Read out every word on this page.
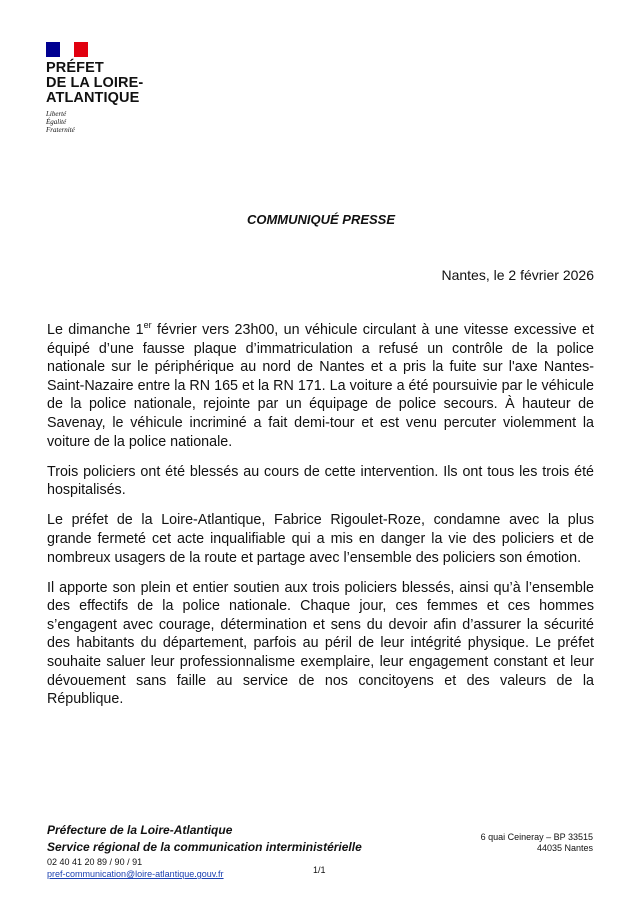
PRÉFET
DE LA LOIRE-
ATLANTIQUE
Liberté
Égalité
Fraternité
COMMUNIQUÉ PRESSE
Nantes, le 2 février 2026

Le dimanche 1er février vers 23h00, un véhicule circulant à une vitesse excessive et équipé d’une fausse plaque d’immatriculation a refusé un contrôle de la police nationale sur le périphérique au nord de Nantes et a pris la fuite sur l'axe Nantes-Saint-Nazaire entre la RN 165 et la RN 171. La voiture a été poursuivie par le véhicule de la police nationale, rejointe par un équipage de police secours. À hauteur de Savenay, le véhicule incriminé a fait demi-tour et est venu percuter violemment la voiture de la police nationale.

Trois policiers ont été blessés au cours de cette intervention. Ils ont tous les trois été hospitalisés.

Le préfet de la Loire-Atlantique, Fabrice Rigoulet-Roze, condamne avec la plus grande fermeté cet acte inqualifiable qui a mis en danger la vie des policiers et de nombreux usagers de la route et partage avec l’ensemble des policiers son émotion.

Il apporte son plein et entier soutien aux trois policiers blessés, ainsi qu’à l’ensemble des effectifs de la police nationale. Chaque jour, ces femmes et ces hommes s’engagent avec courage, détermination et sens du devoir afin d’assurer la sécurité des habitants du département, parfois au péril de leur intégrité physique. Le préfet souhaite saluer leur professionnalisme exemplaire, leur engagement constant et leur dévouement sans faille au service de nos concitoyens et des valeurs de la République.

Préfecture de la Loire-Atlantique
Service régional de la communication interministérielle
02 40 41 20 89 / 90 / 91
pref-communication@loire-atlantique.gouv.fr	1/1
6 quai Ceineray – BP 33515
44035 Nantes
